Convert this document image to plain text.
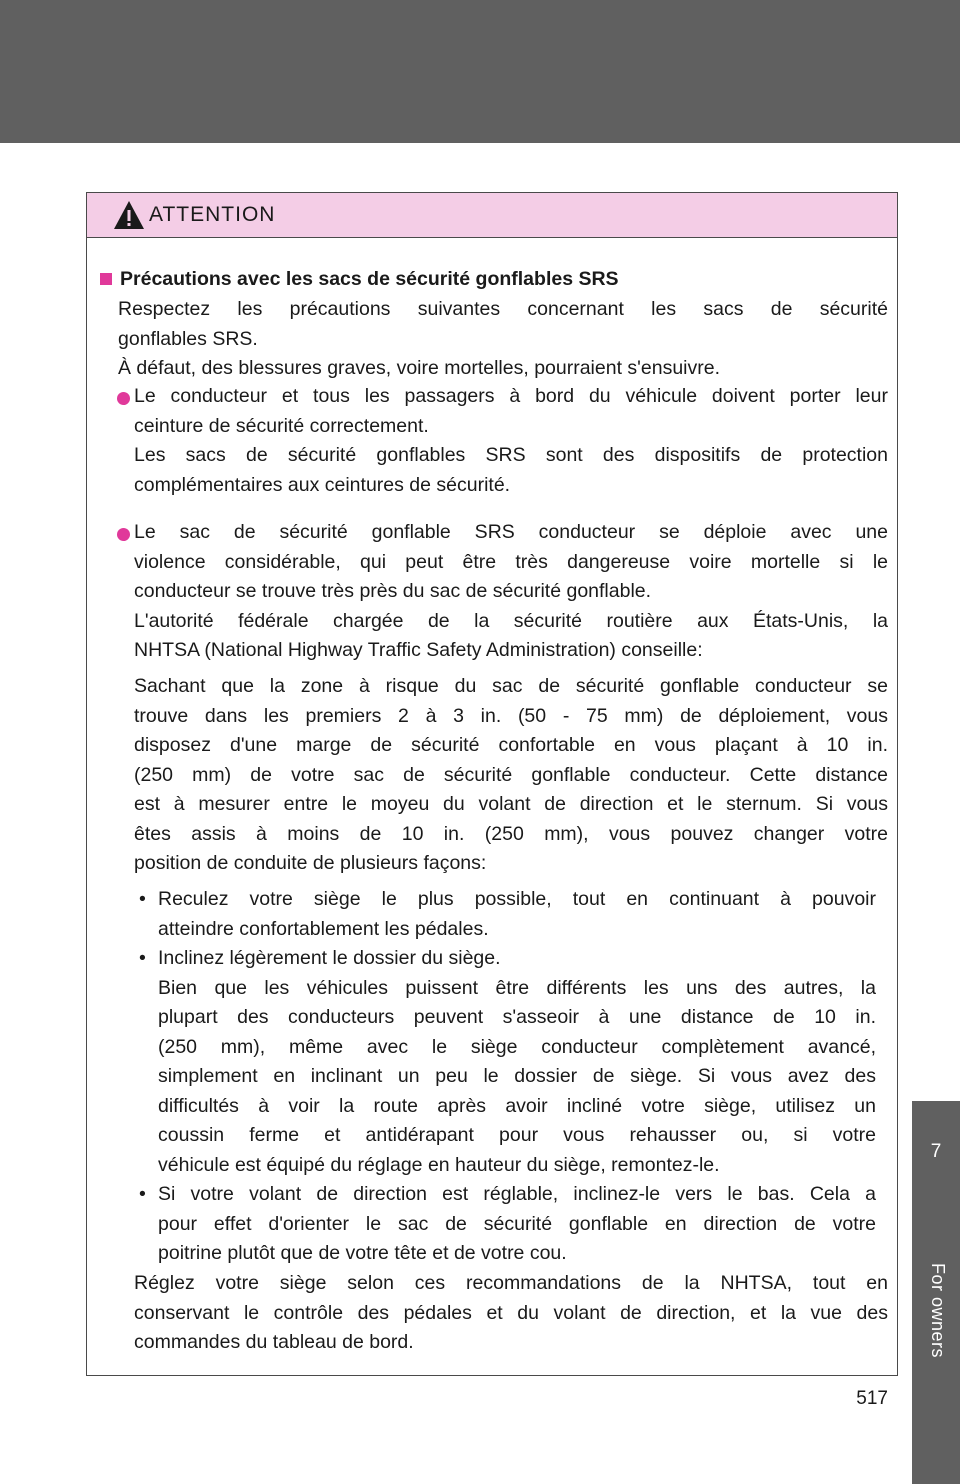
7
For owners
517
ATTENTION
Précautions avec les sacs de sécurité gonflables SRS
Respectez les précautions suivantes concernant les sacs de sécurité
gonflables SRS.
À défaut, des blessures graves, voire mortelles, pourraient s'ensuivre.
Le conducteur et tous les passagers à bord du véhicule doivent porter leur
ceinture de sécurité correctement.
Les sacs de sécurité gonflables SRS sont des dispositifs de protection
complémentaires aux ceintures de sécurité.
Le sac de sécurité gonflable SRS conducteur se déploie avec une
violence considérable, qui peut être très dangereuse voire mortelle si le
conducteur se trouve très près du sac de sécurité gonflable.
L'autorité fédérale chargée de la sécurité routière aux États-Unis, la
NHTSA (National Highway Traffic Safety Administration) conseille:
Sachant que la zone à risque du sac de sécurité gonflable conducteur se
trouve dans les premiers 2 à 3 in. (50 - 75 mm) de déploiement, vous
disposez d'une marge de sécurité confortable en vous plaçant à 10 in.
(250 mm) de votre sac de sécurité gonflable conducteur. Cette distance
est à mesurer entre le moyeu du volant de direction et le sternum. Si vous
êtes assis à moins de 10 in. (250 mm), vous pouvez changer votre
position de conduite de plusieurs façons:
• Reculez votre siège le plus possible, tout en continuant à pouvoir
atteindre confortablement les pédales.
• Inclinez légèrement le dossier du siège.
Bien que les véhicules puissent être différents les uns des autres, la
plupart des conducteurs peuvent s'asseoir à une distance de 10 in.
(250 mm), même avec le siège conducteur complètement avancé,
simplement en inclinant un peu le dossier de siège. Si vous avez des
difficultés à voir la route après avoir incliné votre siège, utilisez un
coussin ferme et antidérapant pour vous rehausser ou, si votre
véhicule est équipé du réglage en hauteur du siège, remontez-le.
• Si votre volant de direction est réglable, inclinez-le vers le bas. Cela a
pour effet d'orienter le sac de sécurité gonflable en direction de votre
poitrine plutôt que de votre tête et de votre cou.
Réglez votre siège selon ces recommandations de la NHTSA, tout en
conservant le contrôle des pédales et du volant de direction, et la vue des
commandes du tableau de bord.
